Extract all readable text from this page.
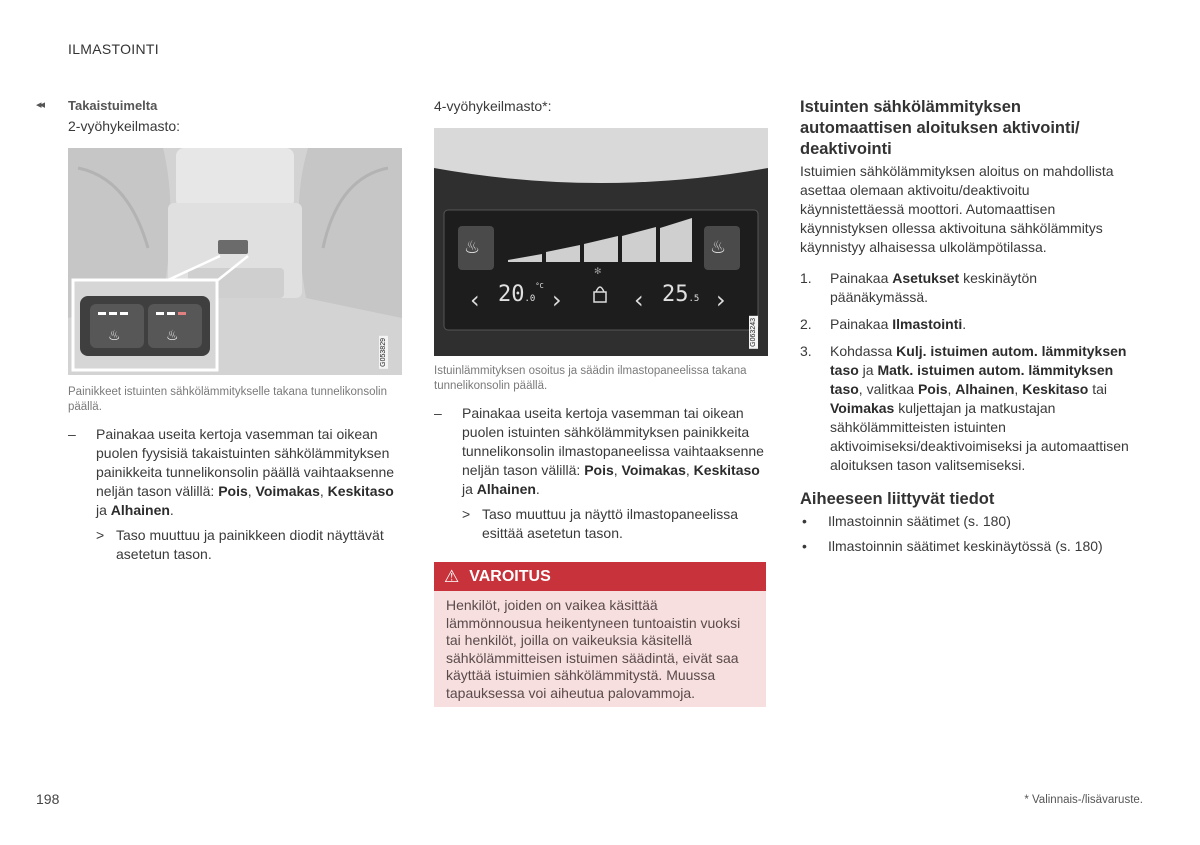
ILMASTOINTI
◂◂ Takaistuimelta
2-vyöhykeilmasto:
♨	♨
G053829
Painikkeet istuinten sähkölämmitykselle takana tunnelikonsolin päällä.
– Painakaa useita kertoja vasemman tai oikean puolen fyysisiä takaistuinten sähkölämmityksen painikkeita tunnelikonsolin päällä vaihtaaksenne neljän tason välillä: Pois, Voimakas, Keskitaso ja Alhainen.
> Taso muuttuu ja painikkeen diodit näyttävät asetetun tason.
4-vyöhykeilmasto*:
♨	♨
✻
‹	›	‹	›
$20.0^{^\circ C}$	25.5
G063243
Istuinlämmityksen osoitus ja säädin ilmastopaneelissa takana tunnelikonsolin päällä.
– Painakaa useita kertoja vasemman tai oikean puolen istuinten sähkölämmityksen painikkeita tunnelikonsolin ilmastopaneelissa vaihtaaksenne neljän tason välillä: Pois, Voimakas, Keskitaso ja Alhainen.
> Taso muuttuu ja näyttö ilmastopaneelissa esittää asetetun tason.
⚠ VAROITUS
Henkilöt, joiden on vaikea käsittää lämmönnousua heikentyneen tuntoaistin vuoksi tai henkilöt, joilla on vaikeuksia käsitellä sähkölämmitteisen istuimen säädintä, eivät saa käyttää istuimien sähkölämmitystä. Muussa tapauksessa voi aiheutua palovammoja.
Istuinten sähkölämmityksen automaattisen aloituksen aktivointi/ deaktivointi
Istuimien sähkölämmityksen aloitus on mahdollista asettaa olemaan aktivoitu/deaktivoitu käynnistettäessä moottori. Automaattisen käynnistyksen ollessa aktivoituna sähkölämmitys käynnistyy alhaisessa ulkolämpötilassa.
1. Painakaa Asetukset keskinäytön päänäkymässä.
2. Painakaa Ilmastointi.
3. Kohdassa Kulj. istuimen autom. lämmityksen taso ja Matk. istuimen autom. lämmityksen taso, valitkaa Pois, Alhainen, Keskitaso tai Voimakas kuljettajan ja matkustajan sähkölämmitteisten istuinten aktivoimiseksi/deaktivoimiseksi ja automaattisen aloituksen tason valitsemiseksi.
Aiheeseen liittyvät tiedot
• Ilmastoinnin säätimet (s. 180)
• Ilmastoinnin säätimet keskinäytössä (s. 180)
198	* Valinnais-/lisävaruste.
